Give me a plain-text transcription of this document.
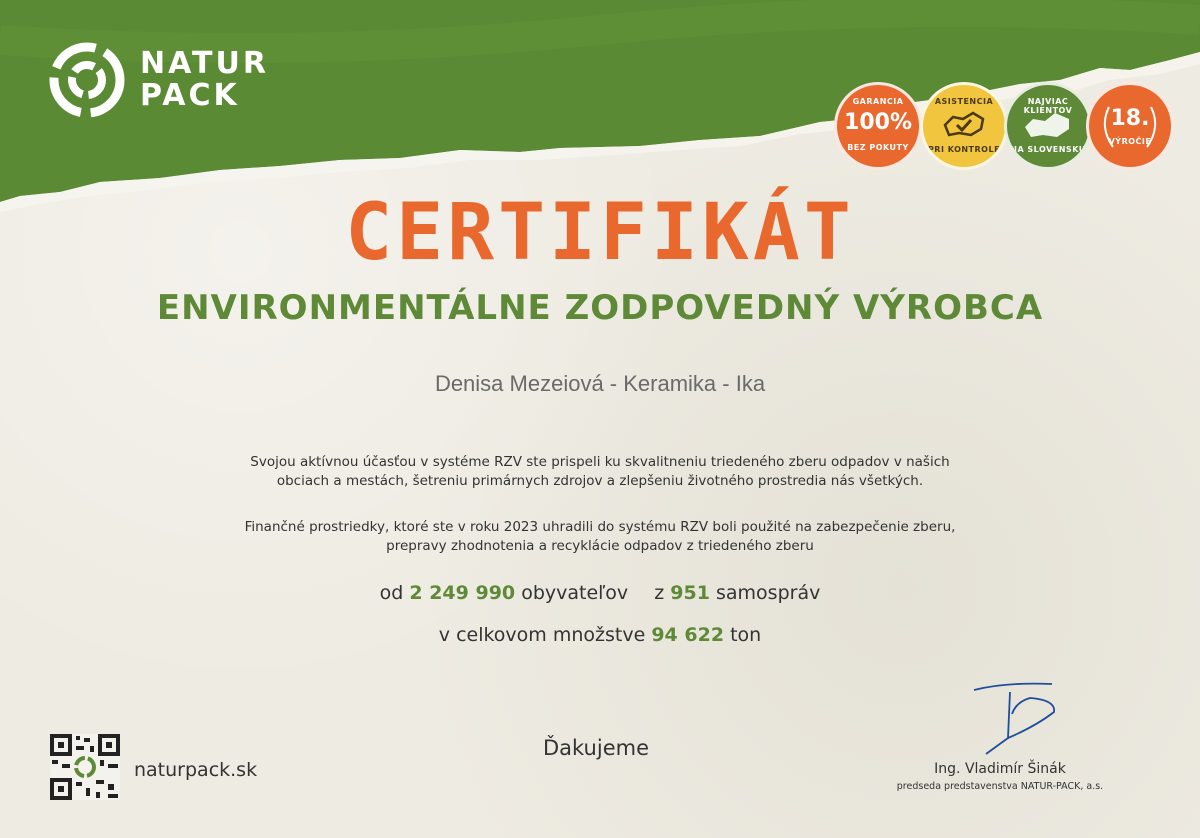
NATUR
PACK	GARANCIA
100%
BEZ POKUTY
ASISTENCIA
PRI KONTROLE
NAJVIAC KLIENTOV
NA SLOVENSKU
18.
VÝROČIE
CERTIFIKÁT
ENVIRONMENTÁLNE ZODPOVEDNÝ VÝROBCA
Denisa Mezeiová - Keramika - Ika
Svojou aktívnou účasťou v systéme RZV ste prispeli ku skvalitneniu triedeného zberu odpadov v našich
obciach a mestách, šetreniu primárnych zdrojov a zlepšeniu životného prostredia nás všetkých.
Finančné prostriedky, ktoré ste v roku 2023 uhradili do systému RZV boli použité na zabezpečenie zberu,
prepravy zhodnotenia a recyklácie odpadov z triedeného zberu
od 2 249 990 obyvateľov z 951 samospráv
v celkovom množstve 94 622 ton
naturpack.sk
Ďakujeme
Ing. Vladimír Šinák
predseda predstavenstva NATUR-PACK, a.s.
